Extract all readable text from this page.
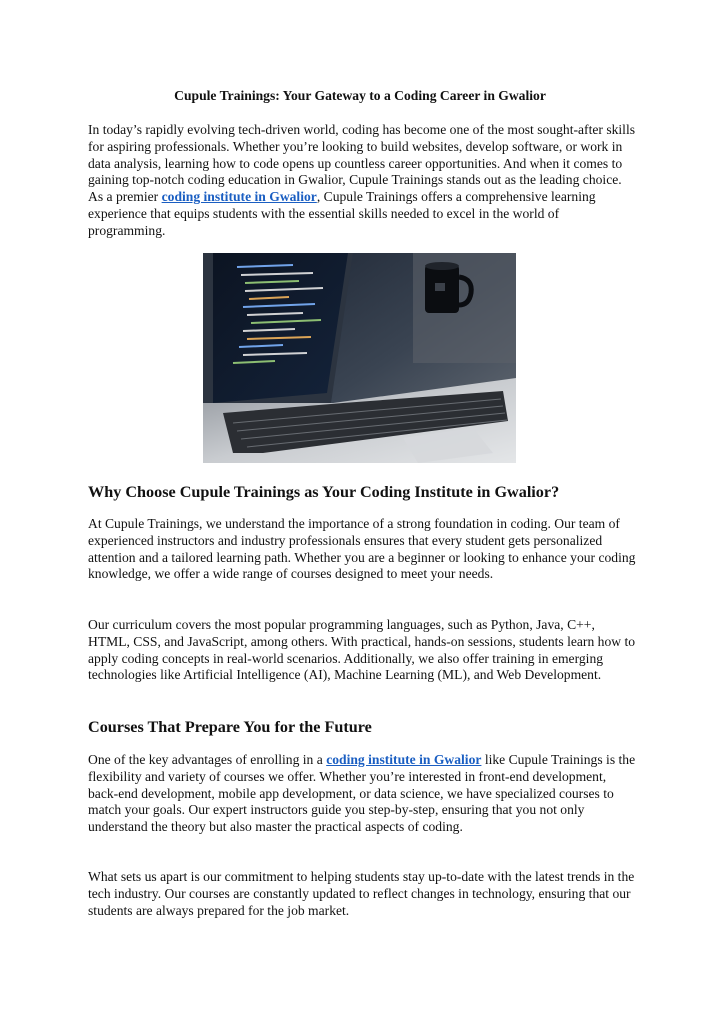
Cupule Trainings: Your Gateway to a Coding Career in Gwalior

In today’s rapidly evolving tech-driven world, coding has become one of the most sought-after skills for aspiring professionals. Whether you’re looking to build websites, develop software, or work in data analysis, learning how to code opens up countless career opportunities. And when it comes to gaining top-notch coding education in Gwalior, Cupule Trainings stands out as the leading choice. As a premier coding institute in Gwalior, Cupule Trainings offers a comprehensive learning experience that equips students with the essential skills needed to excel in the world of programming.

Why Choose Cupule Trainings as Your Coding Institute in Gwalior?

At Cupule Trainings, we understand the importance of a strong foundation in coding. Our team of experienced instructors and industry professionals ensures that every student gets personalized attention and a tailored learning path. Whether you are a beginner or looking to enhance your coding knowledge, we offer a wide range of courses designed to meet your needs.

Our curriculum covers the most popular programming languages, such as Python, Java, C++, HTML, CSS, and JavaScript, among others. With practical, hands-on sessions, students learn how to apply coding concepts in real-world scenarios. Additionally, we also offer training in emerging technologies like Artificial Intelligence (AI), Machine Learning (ML), and Web Development.

Courses That Prepare You for the Future

One of the key advantages of enrolling in a coding institute in Gwalior like Cupule Trainings is the flexibility and variety of courses we offer. Whether you’re interested in front-end development, back-end development, mobile app development, or data science, we have specialized courses to match your goals. Our expert instructors guide you step-by-step, ensuring that you not only understand the theory but also master the practical aspects of coding.

What sets us apart is our commitment to helping students stay up-to-date with the latest trends in the tech industry. Our courses are constantly updated to reflect changes in technology, ensuring that our students are always prepared for the job market.
